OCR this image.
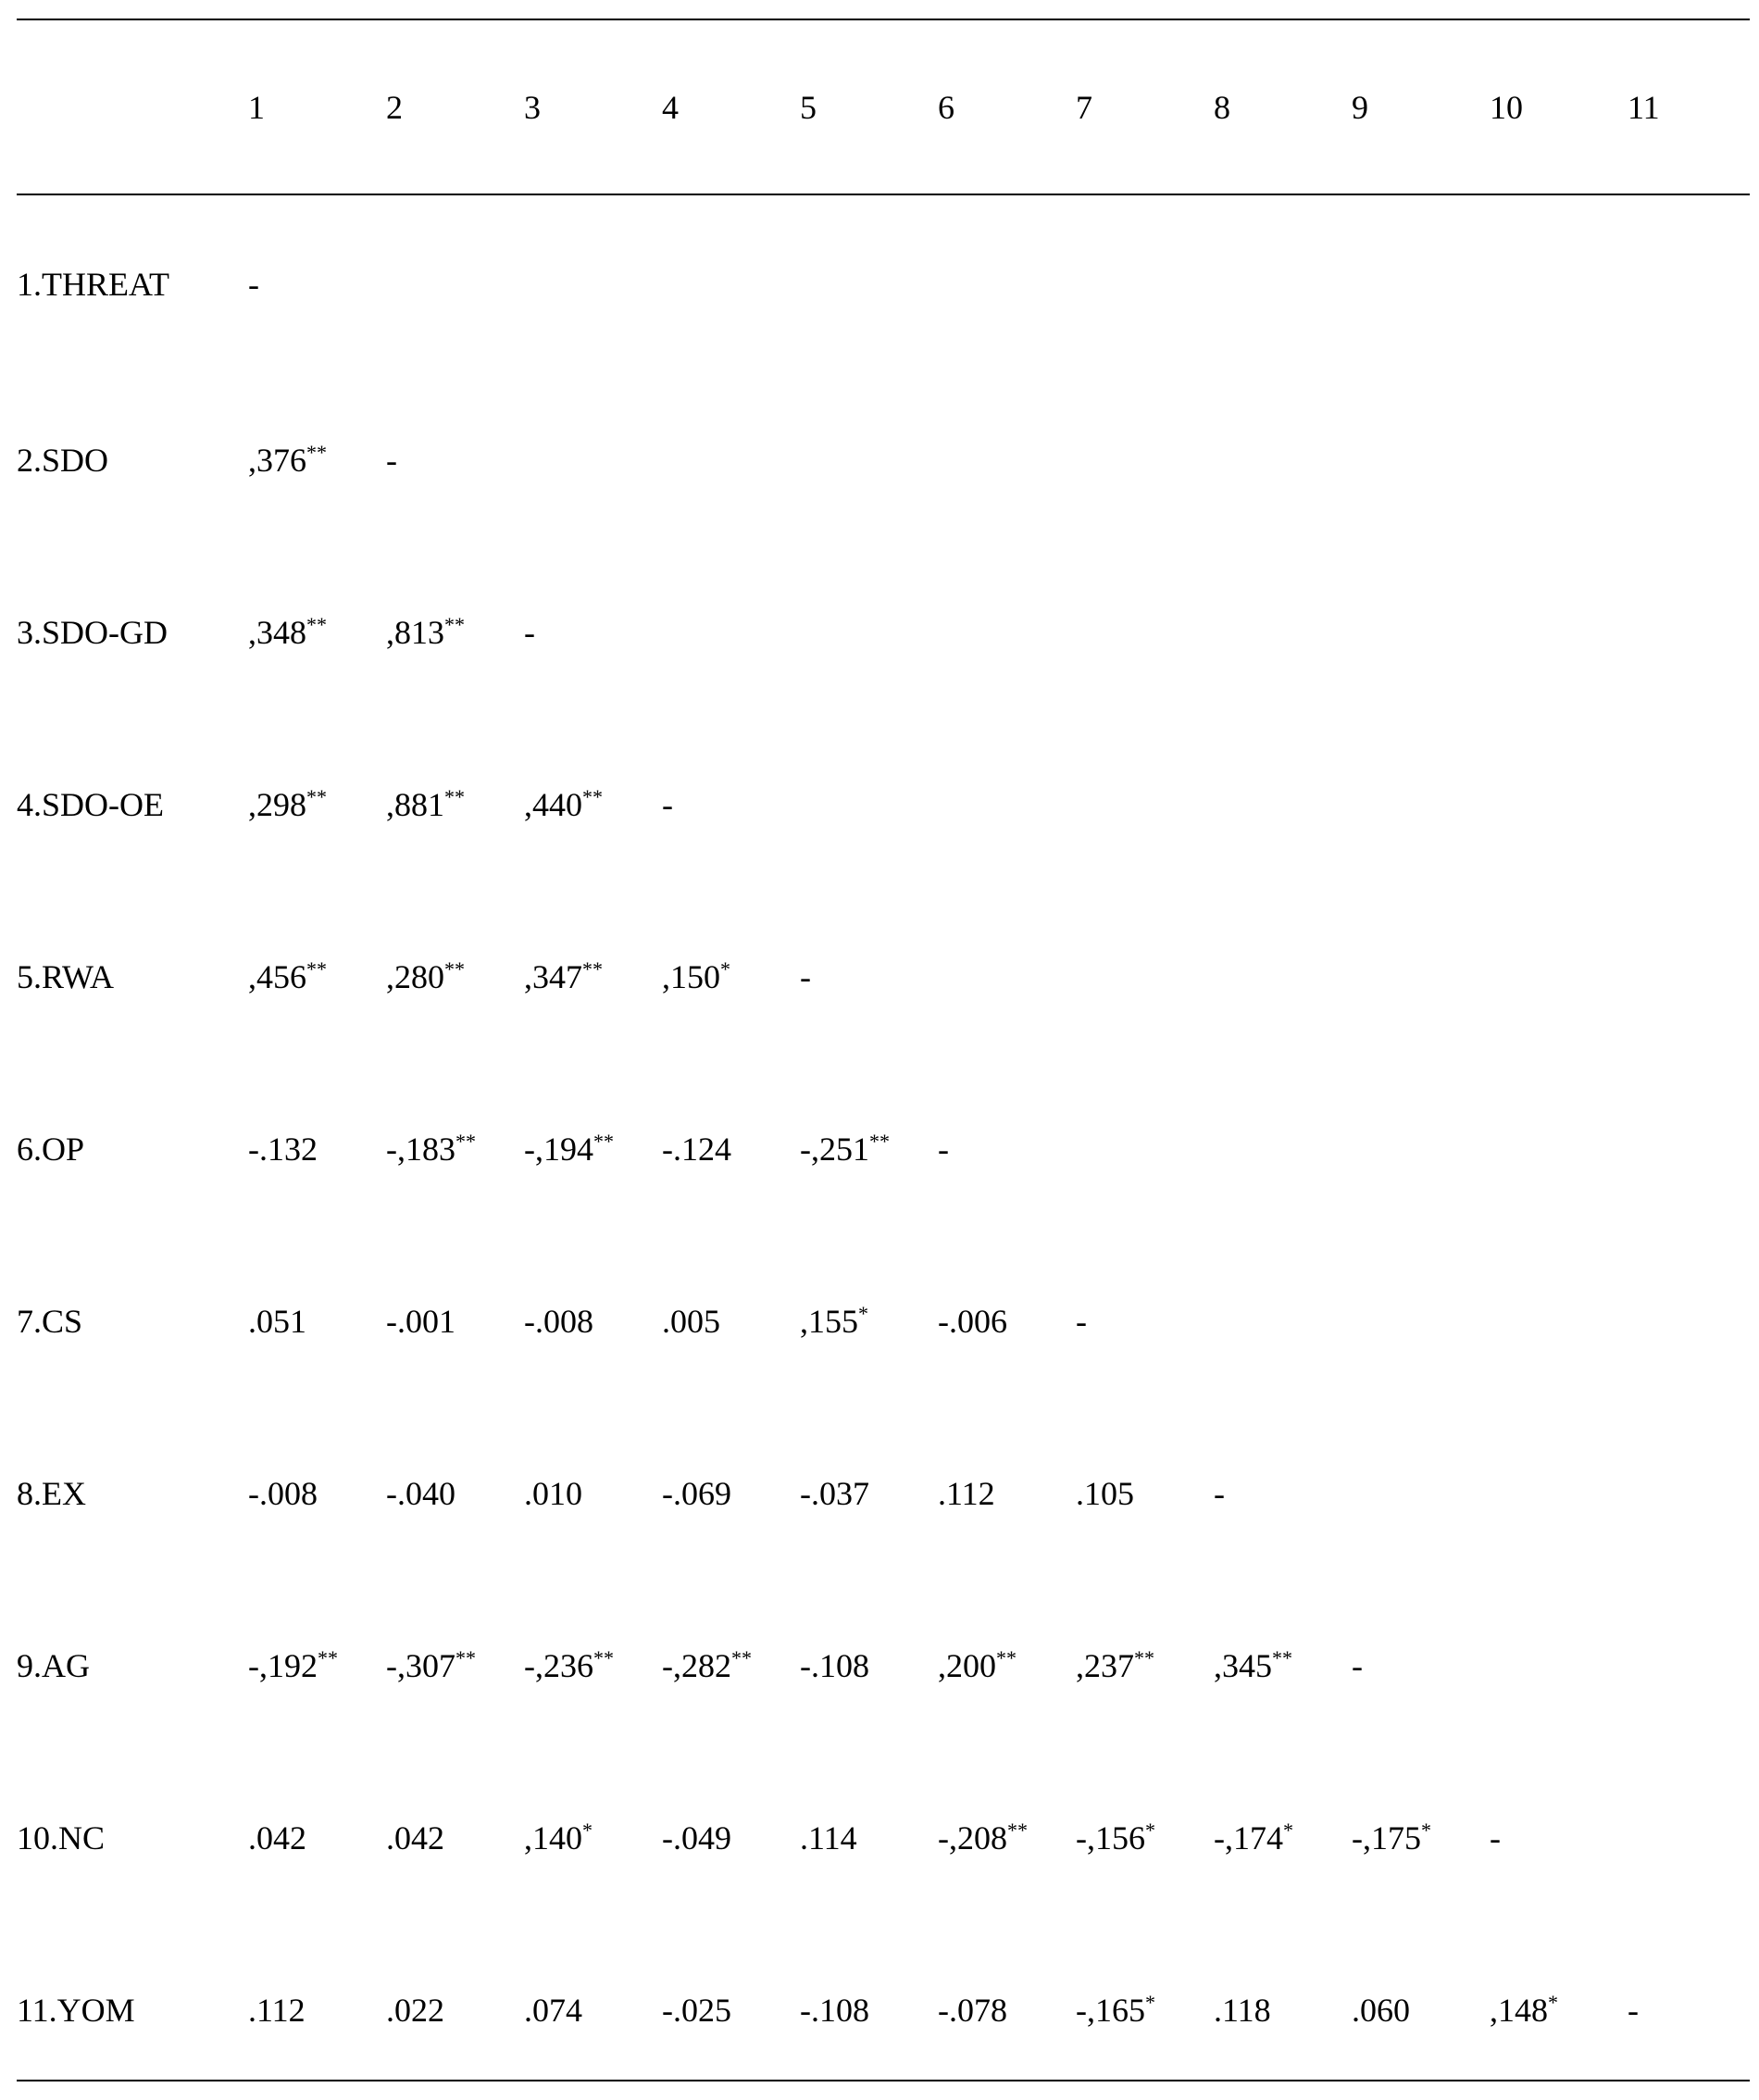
	1	2	3	4	5	6	7	8	9	10	11
1.THREAT	-										
2.SDO	,376**	-									
3.SDO-GD	,348**	,813**	-								
4.SDO-OE	,298**	,881**	,440**	-							
5.RWA	,456**	,280**	,347**	,150*	-						
6.OP	-.132	-,183**	-,194**	-.124	-,251**	-					
7.CS	.051	-.001	-.008	.005	,155*	-.006	-				
8.EX	-.008	-.040	.010	-.069	-.037	.112	.105	-			
9.AG	-,192**	-,307**	-,236**	-,282**	-.108	,200**	,237**	,345**	-		
10.NC	.042	.042	,140*	-.049	.114	-,208**	-,156*	-,174*	-,175*	-	
11.YOM	.112	.022	.074	-.025	-.108	-.078	-,165*	.118	.060	,148*	-
